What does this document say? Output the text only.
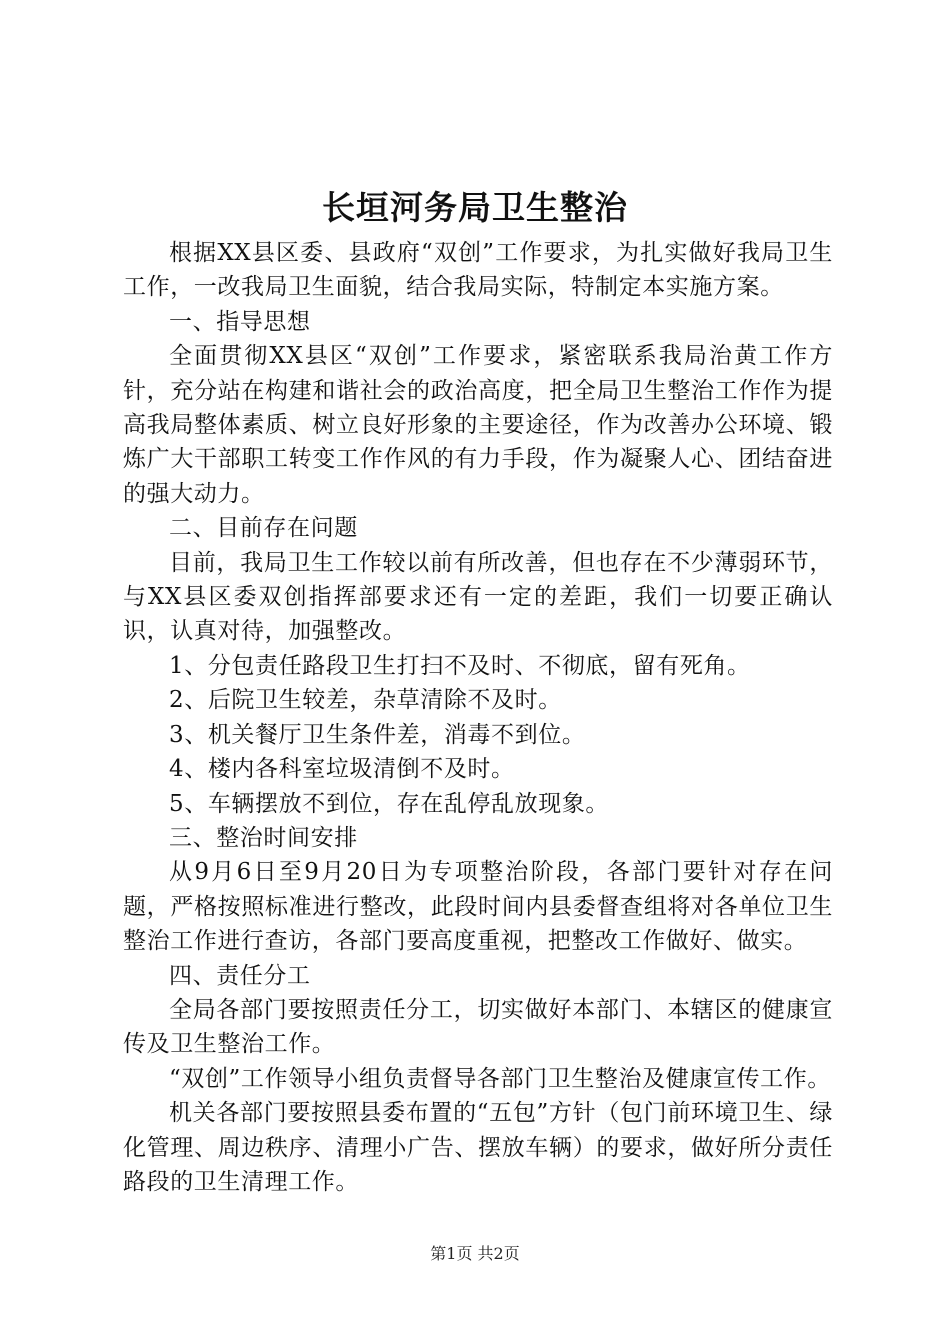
长垣河务局卫生整治

根据XX县区委、县政府“双创”工作要求，为扎实做好我局卫生工作，一改我局卫生面貌，结合我局实际，特制定本实施方案。

一、指导思想

全面贯彻XX县区“双创”工作要求，紧密联系我局治黄工作方针，充分站在构建和谐社会的政治高度，把全局卫生整治工作作为提高我局整体素质、树立良好形象的主要途径，作为改善办公环境、锻炼广大干部职工转变工作作风的有力手段，作为凝聚人心、团结奋进的强大动力。

二、目前存在问题

目前，我局卫生工作较以前有所改善，但也存在不少薄弱环节，与XX县区委双创指挥部要求还有一定的差距，我们一切要正确认识，认真对待，加强整改。

1、分包责任路段卫生打扫不及时、不彻底，留有死角。

2、后院卫生较差，杂草清除不及时。

3、机关餐厅卫生条件差，消毒不到位。

4、楼内各科室垃圾清倒不及时。

5、车辆摆放不到位，存在乱停乱放现象。

三、整治时间安排

从9月6日至9月20日为专项整治阶段，各部门要针对存在问题，严格按照标准进行整改，此段时间内县委督查组将对各单位卫生整治工作进行查访，各部门要高度重视，把整改工作做好、做实。

四、责任分工

全局各部门要按照责任分工，切实做好本部门、本辖区的健康宣传及卫生整治工作。

“双创”工作领导小组负责督导各部门卫生整治及健康宣传工作。

机关各部门要按照县委布置的“五包”方针（包门前环境卫生、绿化管理、周边秩序、清理小广告、摆放车辆）的要求，做好所分责任路段的卫生清理工作。

第1页 共2页
